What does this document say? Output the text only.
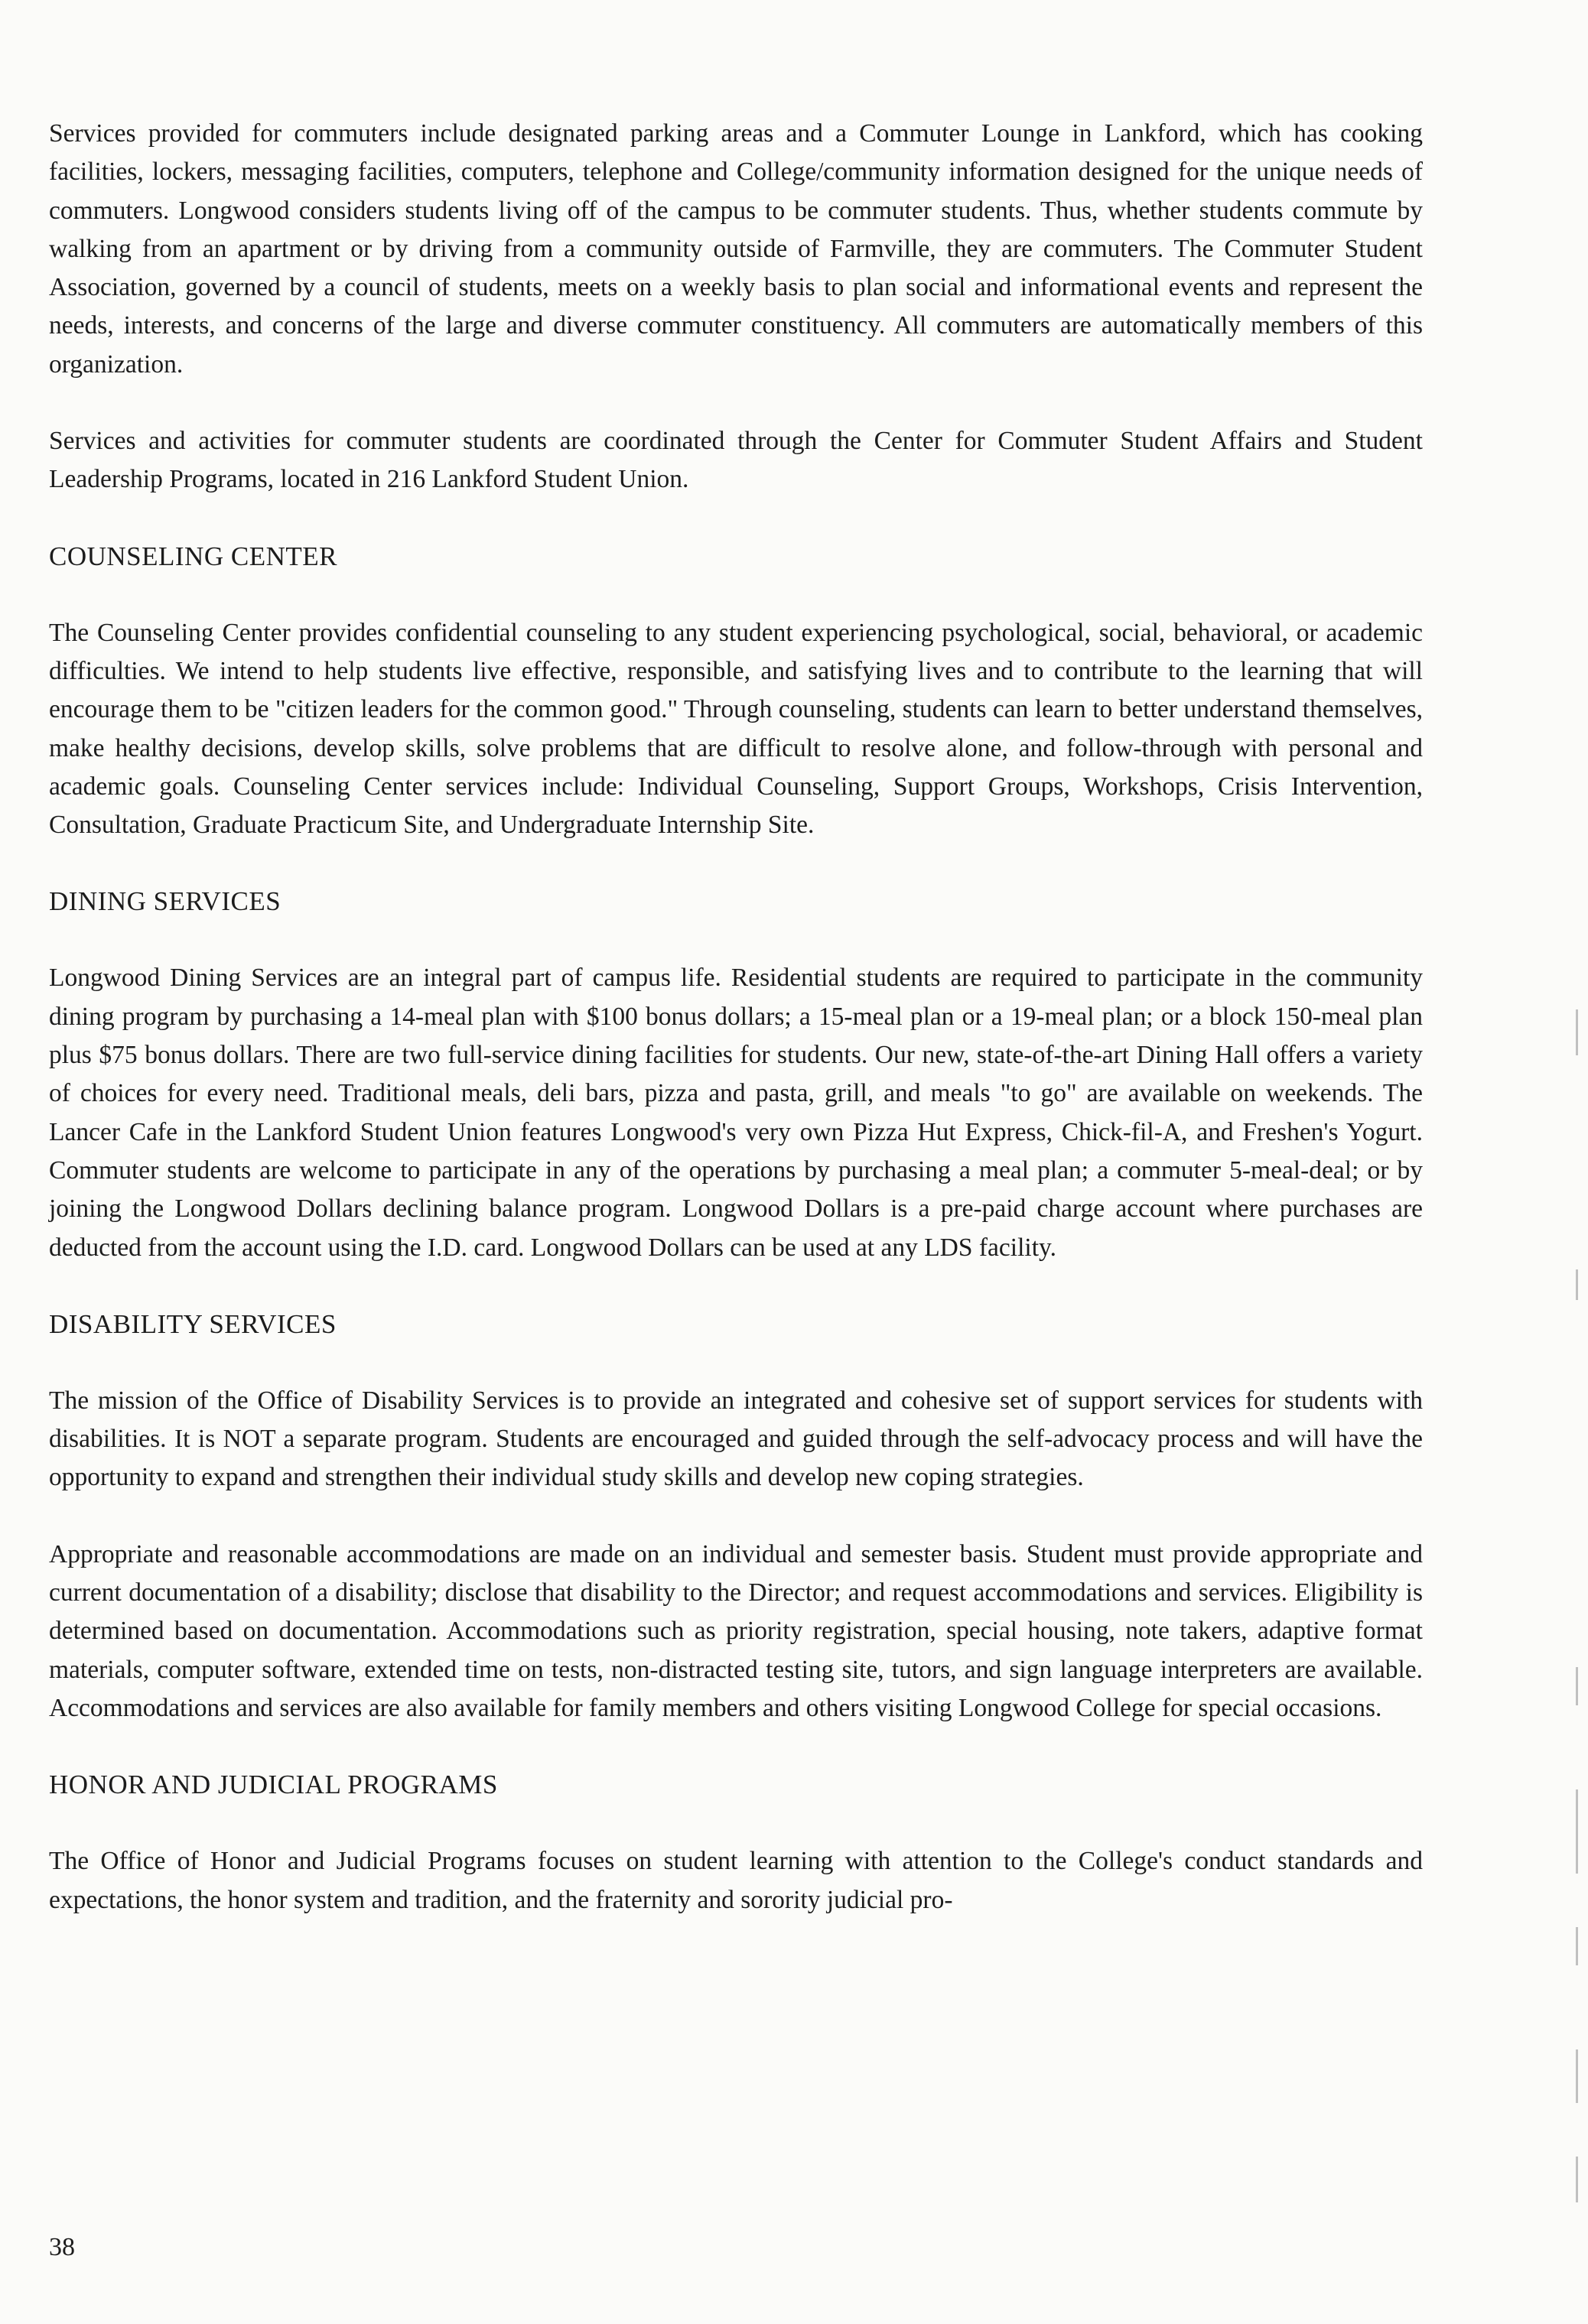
Services provided for commuters include designated parking areas and a Commuter Lounge in Lankford, which has cooking facilities, lockers, messaging facilities, computers, telephone and College/community information designed for the unique needs of commuters. Longwood considers students living off of the campus to be commuter students. Thus, whether students commute by walking from an apartment or by driving from a community outside of Farmville, they are commuters. The Commuter Student Association, governed by a council of students, meets on a weekly basis to plan social and informational events and represent the needs, interests, and concerns of the large and diverse commuter constituency. All commuters are automatically members of this organization.

Services and activities for commuter students are coordinated through the Center for Commuter Student Affairs and Student Leadership Programs, located in 216 Lankford Student Union.

COUNSELING CENTER

The Counseling Center provides confidential counseling to any student experiencing psychological, social, behavioral, or academic difficulties. We intend to help students live effective, responsible, and satisfying lives and to contribute to the learning that will encourage them to be "citizen leaders for the common good." Through counseling, students can learn to better understand themselves, make healthy decisions, develop skills, solve problems that are difficult to resolve alone, and follow-through with personal and academic goals. Counseling Center services include: Individual Counseling, Support Groups, Workshops, Crisis Intervention, Consultation, Graduate Practicum Site, and Undergraduate Internship Site.

DINING SERVICES

Longwood Dining Services are an integral part of campus life. Residential students are required to participate in the community dining program by purchasing a 14-meal plan with $100 bonus dollars; a 15-meal plan or a 19-meal plan; or a block 150-meal plan plus $75 bonus dollars. There are two full-service dining facilities for students. Our new, state-of-the-art Dining Hall offers a variety of choices for every need. Traditional meals, deli bars, pizza and pasta, grill, and meals "to go" are available on weekends. The Lancer Cafe in the Lankford Student Union features Longwood's very own Pizza Hut Express, Chick-fil-A, and Freshen's Yogurt. Commuter students are welcome to participate in any of the operations by purchasing a meal plan; a commuter 5-meal-deal; or by joining the Longwood Dollars declining balance program. Longwood Dollars is a pre-paid charge account where purchases are deducted from the account using the I.D. card. Longwood Dollars can be used at any LDS facility.

DISABILITY SERVICES

The mission of the Office of Disability Services is to provide an integrated and cohesive set of support services for students with disabilities. It is NOT a separate program. Students are encouraged and guided through the self-advocacy process and will have the opportunity to expand and strengthen their individual study skills and develop new coping strategies.

Appropriate and reasonable accommodations are made on an individual and semester basis. Student must provide appropriate and current documentation of a disability; disclose that disability to the Director; and request accommodations and services. Eligibility is determined based on documentation. Accommodations such as priority registration, special housing, note takers, adaptive format materials, computer software, extended time on tests, non-distracted testing site, tutors, and sign language interpreters are available. Accommodations and services are also available for family members and others visiting Longwood College for special occasions.

HONOR AND JUDICIAL PROGRAMS

The Office of Honor and Judicial Programs focuses on student learning with attention to the College's conduct standards and expectations, the honor system and tradition, and the fraternity and sorority judicial pro-

38
